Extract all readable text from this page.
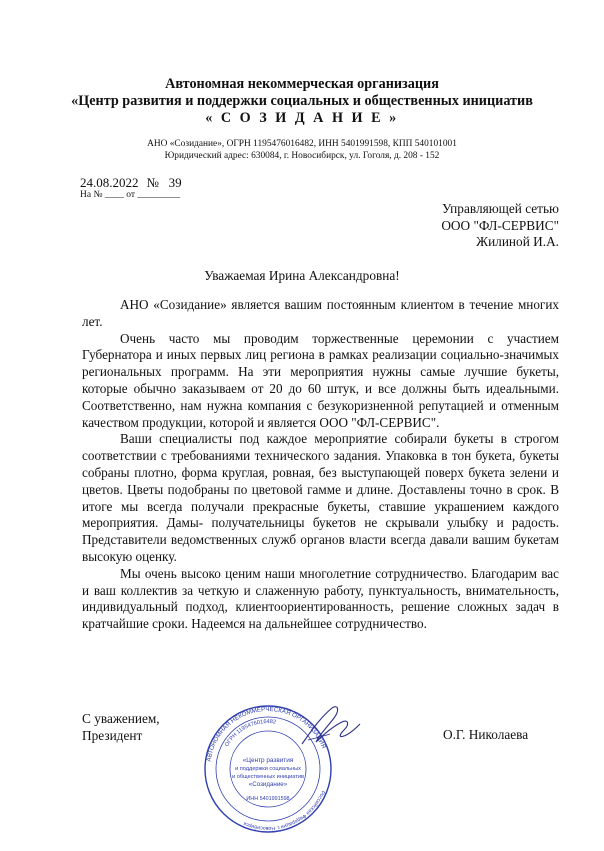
Автономная некоммерческая организация
«Центр развития и поддержки социальных и общественных инициатив
« С О З И Д А Н И Е »
АНО «Созидание», ОГРН 1195476016482, ИНН 5401991598, КПП 540101001
Юридический адрес: 630084, г. Новосибирск, ул. Гоголя, д. 208 - 152
24.08.2022 №   39
На № ____ от _________
Управляющей сетью
ООО "ФЛ-СЕРВИС"
Жилиной И.А.
Уважаемая Ирина Александровна!

АНО «Созидание» является вашим постоянным клиентом в течение многих лет.

Очень часто мы проводим торжественные церемонии с участием Губернатора и иных первых лиц региона в рамках реализации социально-значимых региональных программ. На эти мероприятия нужны самые лучшие букеты, которые обычно заказываем от 20 до 60 штук, и все должны быть идеальными. Соответственно, нам нужна компания с безукоризненной репутацией и отменным качеством продукции, которой и является ООО "ФЛ-СЕРВИС".

Ваши специалисты под каждое мероприятие собирали букеты в строгом соответствии с требованиями технического задания. Упаковка в тон букета, букеты собраны плотно, форма круглая, ровная, без выступающей поверх букета зелени и цветов. Цветы подобраны по цветовой гамме и длине. Доставлены точно в срок. В итоге мы всегда получали прекрасные букеты, ставшие украшением каждого мероприятия. Дамы- получательницы букетов не скрывали улыбку и радость. Представители ведомственных служб органов власти всегда давали вашим букетам высокую оценку.

Мы очень высоко ценим наши многолетние сотрудничество. Благодарим вас и ваш коллектив за четкую и слаженную работу, пунктуальность, внимательность, индивидуальный подход, клиентоориентированность, решение сложных задач в кратчайшие сроки. Надеемся на дальнейшее сотрудничество.

С уважением,
Президент	О.Г. Николаева
АВТОНОМНАЯ НЕКОММЕРЧЕСКАЯ ОРГАНИЗАЦИЯ
ОГРН 1195476016482
Российская Федерация г. Новосибирск
«Центр развития
и поддержки социальных
и общественных инициатив
«Созидание»
ИНН 5401991598
